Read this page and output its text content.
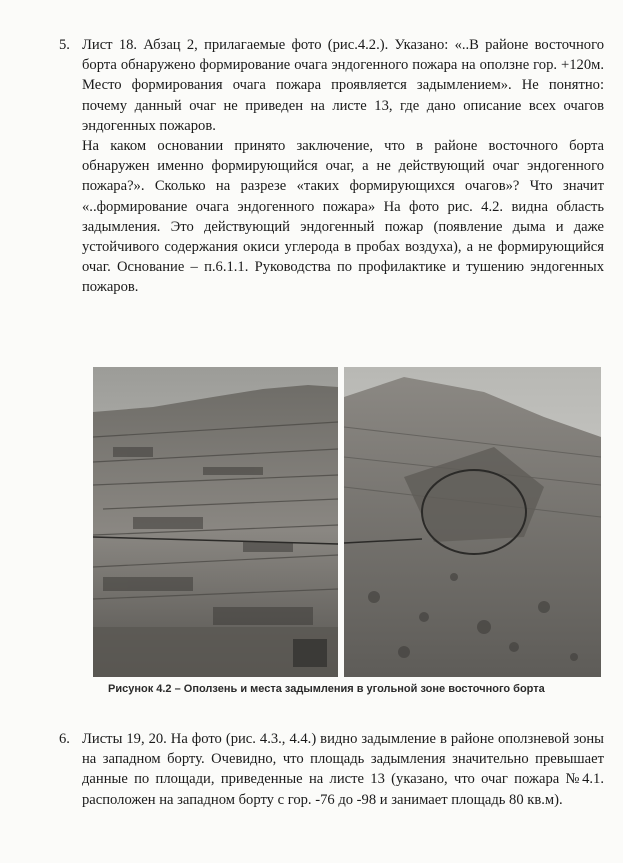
5. Лист 18. Абзац 2, прилагаемые фото (рис.4.2.). Указано: «..В районе восточного борта обнаружено формирование очага эндогенного пожара на оползне гор. +120м. Место формирования очага пожара проявляется задымлением». Не понятно: почему данный очаг не приведен на листе 13, где дано описание всех очагов эндогенных пожаров.

На каком основании принято заключение, что в районе восточного борта обнаружен именно формирующийся очаг, а не действующий очаг эндогенного пожара?». Сколько на разрезе «таких формирующихся очагов»? Что значит «..формирование очага эндогенного пожара» На фото рис. 4.2. видна область задымления. Это действующий эндогенный пожар (появление дыма и даже устойчивого содержания окиси углерода в пробах воздуха), а не формирующийся очаг. Основание – п.6.1.1. Руководства по профилактике и тушению эндогенных пожаров.

Рисунок 4.2 – Оползень и места задымления в угольной зоне восточного борта
6. Листы 19, 20. На фото (рис. 4.3., 4.4.) видно задымление в районе оползневой зоны на западном борту. Очевидно, что площадь задымления значительно превышает данные по площади, приведенные на листе 13 (указано, что очаг пожара №4.1. расположен на западном борту с гор. -76 до -98 и занимает площадь 80 кв.м).
